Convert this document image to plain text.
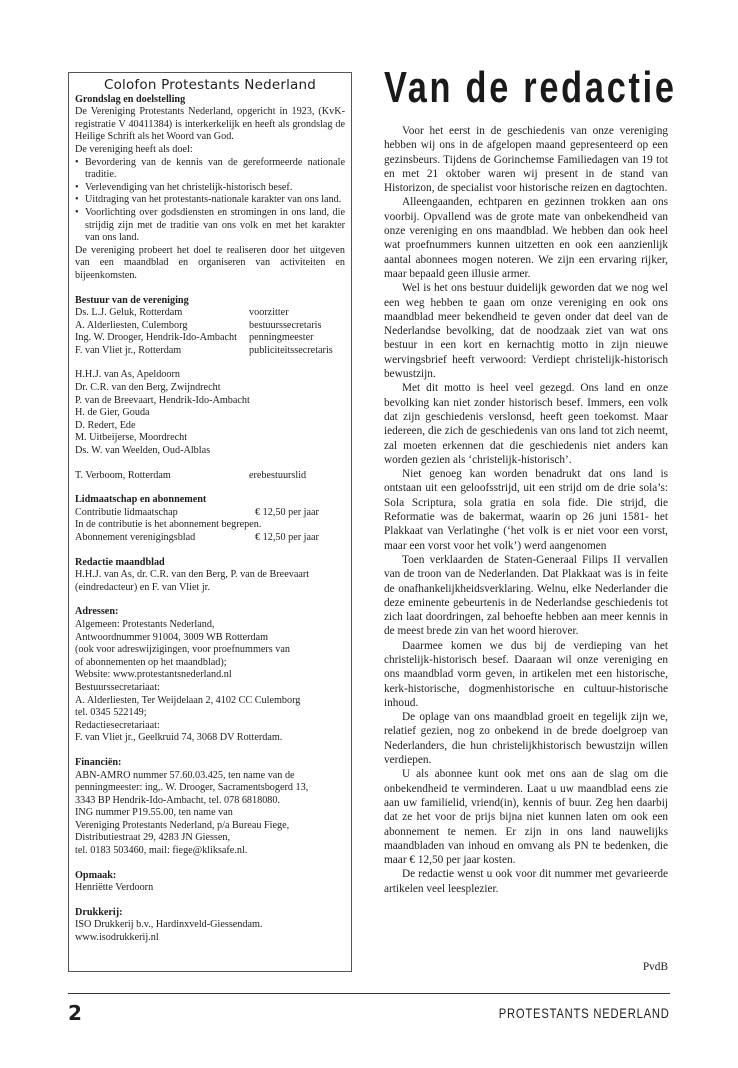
Colofon Protestants Nederland

Grondslag en doelstelling

De Vereniging Protestants Nederland, opgericht in 1923, (KvK-registratie V 40411384) is interkerkelijk en heeft als grondslag de Heilige Schrift als het Woord van God.

De vereniging heeft als doel:

• Bevordering van de kennis van de gereformeerde nationale traditie.

• Verlevendiging van het christelijk-historisch besef.

• Uitdraging van het protestants-nationale karakter van ons land.

• Voorlichting over godsdiensten en stromingen in ons land, die strijdig zijn met de traditie van ons volk en met het karakter van ons land.

De vereniging probeert het doel te realiseren door het uitgeven van een maandblad en organiseren van activiteiten en bijeenkomsten.

Bestuur van de vereniging

Ds. L.J. Geluk, Rotterdam	voorzitter

A. Alderliesten, Culemborg	bestuurssecretaris

Ing. W. Drooger, Hendrik-Ido-Ambacht	penningmeester

F. van Vliet jr., Rotterdam	publiciteitssecretaris

H.H.J. van As, Apeldoorn

Dr. C.R. van den Berg, Zwijndrecht

P. van de Breevaart, Hendrik-Ido-Ambacht

H. de Gier, Gouda

D. Redert, Ede

M. Uitbeijerse, Moordrecht

Ds. W. van Weelden, Oud-Alblas

T. Verboom, Rotterdam	erebestuurslid

Lidmaatschap en abonnement

Contributie lidmaatschap	€ 12,50 per jaar

In de contributie is het abonnement begrepen.

Abonnement verenigingsblad	€ 12,50 per jaar

Redactie maandblad

H.H.J. van As, dr. C.R. van den Berg, P. van de Breevaart

(eindredacteur) en F. van Vliet jr.

Adressen:

Algemeen: Protestants Nederland,

Antwoordnummer 91004, 3009 WB Rotterdam

(ook voor adreswijzigingen, voor proefnummers van

of abonnementen op het maandblad);

Website: www.protestantsnederland.nl

Bestuurssecretariaat:

A. Alderliesten, Ter Weijdelaan 2, 4102 CC Culemborg

tel. 0345 522149;

Redactiesecretariaat:

F. van Vliet jr., Geelkruid 74, 3068 DV Rotterdam.

Financiën:

ABN-AMRO nummer 57.60.03.425, ten name van de

penningmeester: ing,. W. Drooger, Sacramentsbogerd 13,

3343 BP Hendrik-Ido-Ambacht, tel. 078 6818080.

ING nummer P19.55.00, ten name van

Vereniging Protestants Nederland, p/a Bureau Fiege,

Distributiestraat 29, 4283 JN Giessen,

tel. 0183 503460, mail: fiege@kliksafe.nl.

Opmaak:

Henriëtte Verdoorn

Drukkerij:

ISO Drukkerij b.v., Hardinxveld-Giessendam.

www.isodrukkerij.nl

Van de redactie

Voor het eerst in de geschiedenis van onze vereniging hebben wij ons in de afgelopen maand gepresenteerd op een gezinsbeurs. Tijdens de Gorinchemse Familiedagen van 19 tot en met 21 oktober waren wij present in de stand van Historizon, de specialist voor historische reizen en dagtochten.

Alleengaanden, echtparen en gezinnen trokken aan ons voorbij. Opvallend was de grote mate van onbekendheid van onze vereniging en ons maandblad. We hebben dan ook heel wat proefnummers kunnen uitzetten en ook een aanzienlijk aantal abonnees mogen noteren. We zijn een ervaring rijker, maar bepaald geen illusie armer.

Wel is het ons bestuur duidelijk geworden dat we nog wel een weg hebben te gaan om onze vereniging en ook ons maandblad meer bekendheid te geven onder dat deel van de Nederlandse bevolking, dat de noodzaak ziet van wat ons bestuur in een kort en kernachtig motto in zijn nieuwe wervingsbrief heeft verwoord: Verdiept christelijk-historisch bewustzijn.

Met dit motto is heel veel gezegd. Ons land en onze bevolking kan niet zonder historisch besef. Immers, een volk dat zijn geschiedenis verslonsd, heeft geen toekomst. Maar iedereen, die zich de geschiedenis van ons land tot zich neemt, zal moeten erkennen dat die geschiedenis niet anders kan worden gezien als ‘christelijk-historisch’.

Niet genoeg kan worden benadrukt dat ons land is ontstaan uit een geloofsstrijd, uit een strijd om de drie sola’s: Sola Scriptura, sola gratia en sola fide. Die strijd, die Reformatie was de bakermat, waarin op 26 juni 1581- het Plakkaat van Verlatinghe (‘het volk is er niet voor een vorst, maar een vorst voor het volk’) werd aangenomen

Toen verklaarden de Staten-Generaal Filips II vervallen van de troon van de Nederlanden. Dat Plakkaat was is in feite de onafhankelijkheidsverklaring. Welnu, elke Nederlander die deze eminente gebeurtenis in de Nederlandse geschiedenis tot zich laat doordringen, zal behoefte hebben aan meer kennis in de meest brede zin van het woord hierover.

Daarmee komen we dus bij de verdieping van het christelijk-historisch besef. Daaraan wil onze vereniging en ons maandblad vorm geven, in artikelen met een historische, kerk-historische, dogmenhistorische en cultuur-historische inhoud.

De oplage van ons maandblad groeit en tegelijk zijn we, relatief gezien, nog zo onbekend in de brede doelgroep van Nederlanders, die hun christelijkhistorisch bewustzijn willen verdiepen.

U als abonnee kunt ook met ons aan de slag om die onbekendheid te verminderen. Laat u uw maandblad eens zie aan uw familielid, vriend(in), kennis of buur. Zeg hen daarbij dat ze het voor de prijs bijna niet kunnen laten om ook een abonnement te nemen. Er zijn in ons land nauwelijks maandbladen van inhoud en omvang als PN te bedenken, die maar € 12,50 per jaar kosten.

De redactie wenst u ook voor dit nummer met gevarieerde artikelen veel leesplezier.

PvdB
2	PROTESTANTS NEDERLAND
